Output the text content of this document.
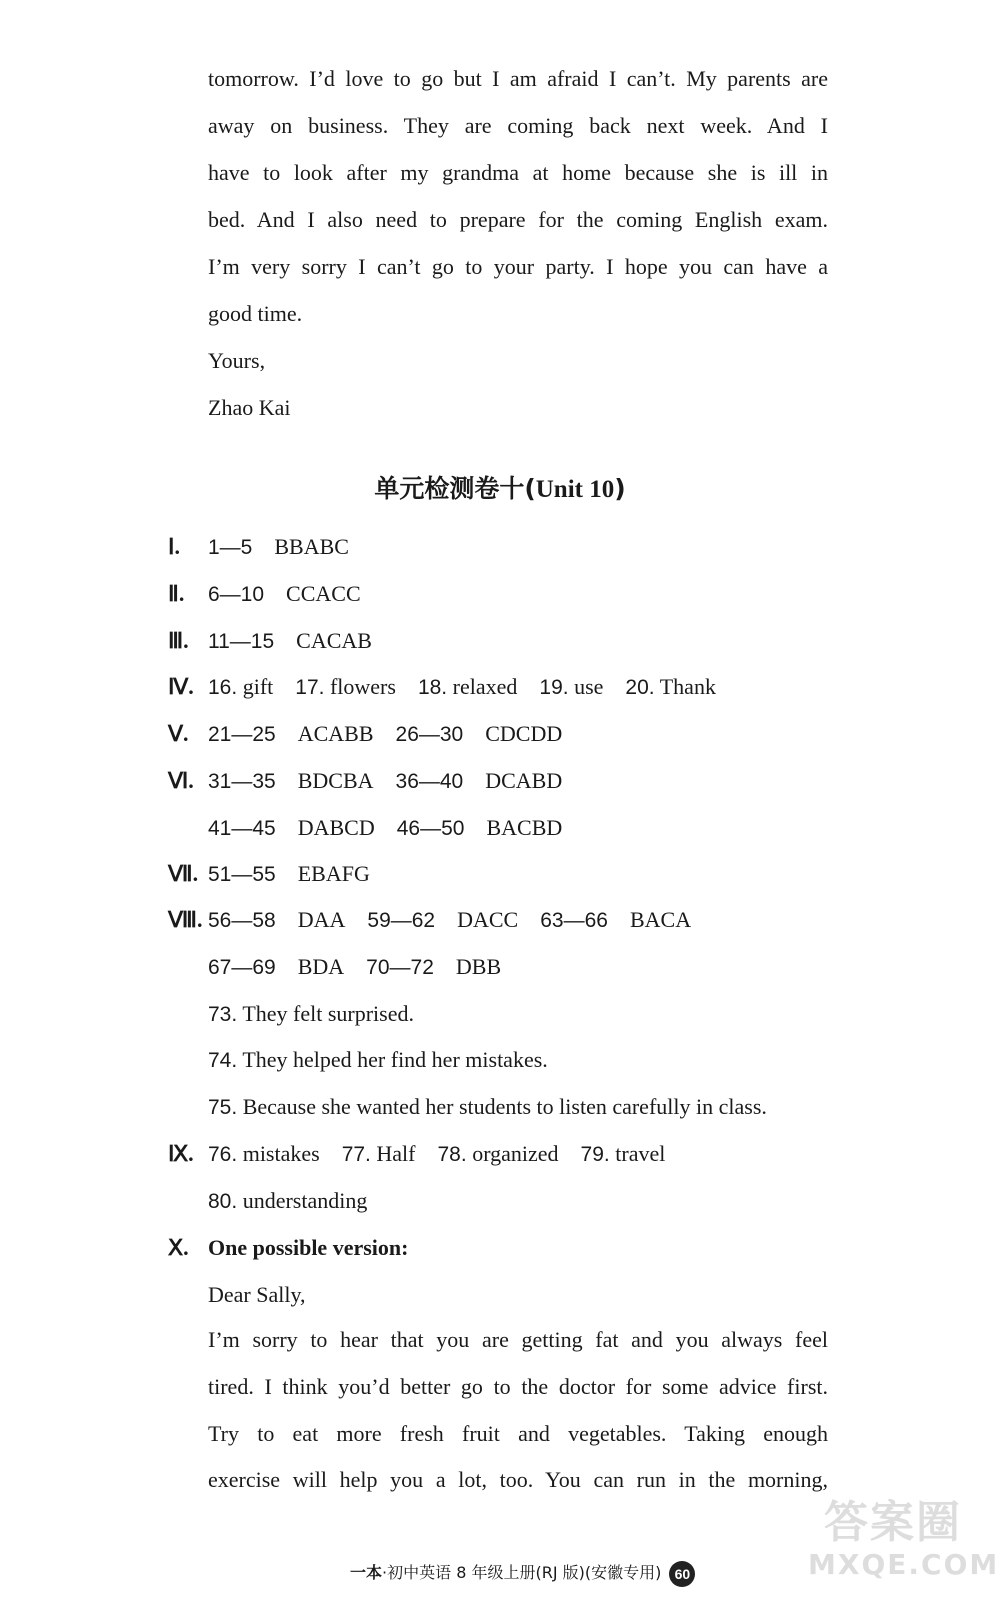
tomorrow. I’d love to go but I am afraid I can’t. My parents are
away on business. They are coming back next week. And I
have to look after my grandma at home because she is ill in
bed. And I also need to prepare for the coming English exam.
I’m very sorry I can’t go to your party. I hope you can have a
good time.
Yours,
Zhao Kai
单元检测卷十(Unit 10)
Ⅰ. 1—5 BBABC
Ⅱ. 6—10 CCACC
Ⅲ. 11—15 CACAB
Ⅳ. 16. gift 17. flowers 18. relaxed 19. use 20. Thank
Ⅴ. 21—25 ACABB 26—30 CDCDD
Ⅵ. 31—35 BDCBA 36—40 DCABD
41—45 DABCD 46—50 BACBD
Ⅶ. 51—55 EBAFG
Ⅷ. 56—58 DAA 59—62 DACC 63—66 BACA
67—69 BDA 70—72 DBB
73. They felt surprised.
74. They helped her find her mistakes.
75. Because she wanted her students to listen carefully in class.
Ⅸ. 76. mistakes 77. Half 78. organized 79. travel
80. understanding
Ⅹ. One possible version:
Dear Sally,
I’m sorry to hear that you are getting fat and you always feel
tired. I think you’d better go to the doctor for some advice first.
Try to eat more fresh fruit and vegetables. Taking enough
exercise will help you a lot, too. You can run in the morning,
答案圈
MXQE.COM
一本·初中英语 8 年级上册(RJ 版)(安徽专用) 60
